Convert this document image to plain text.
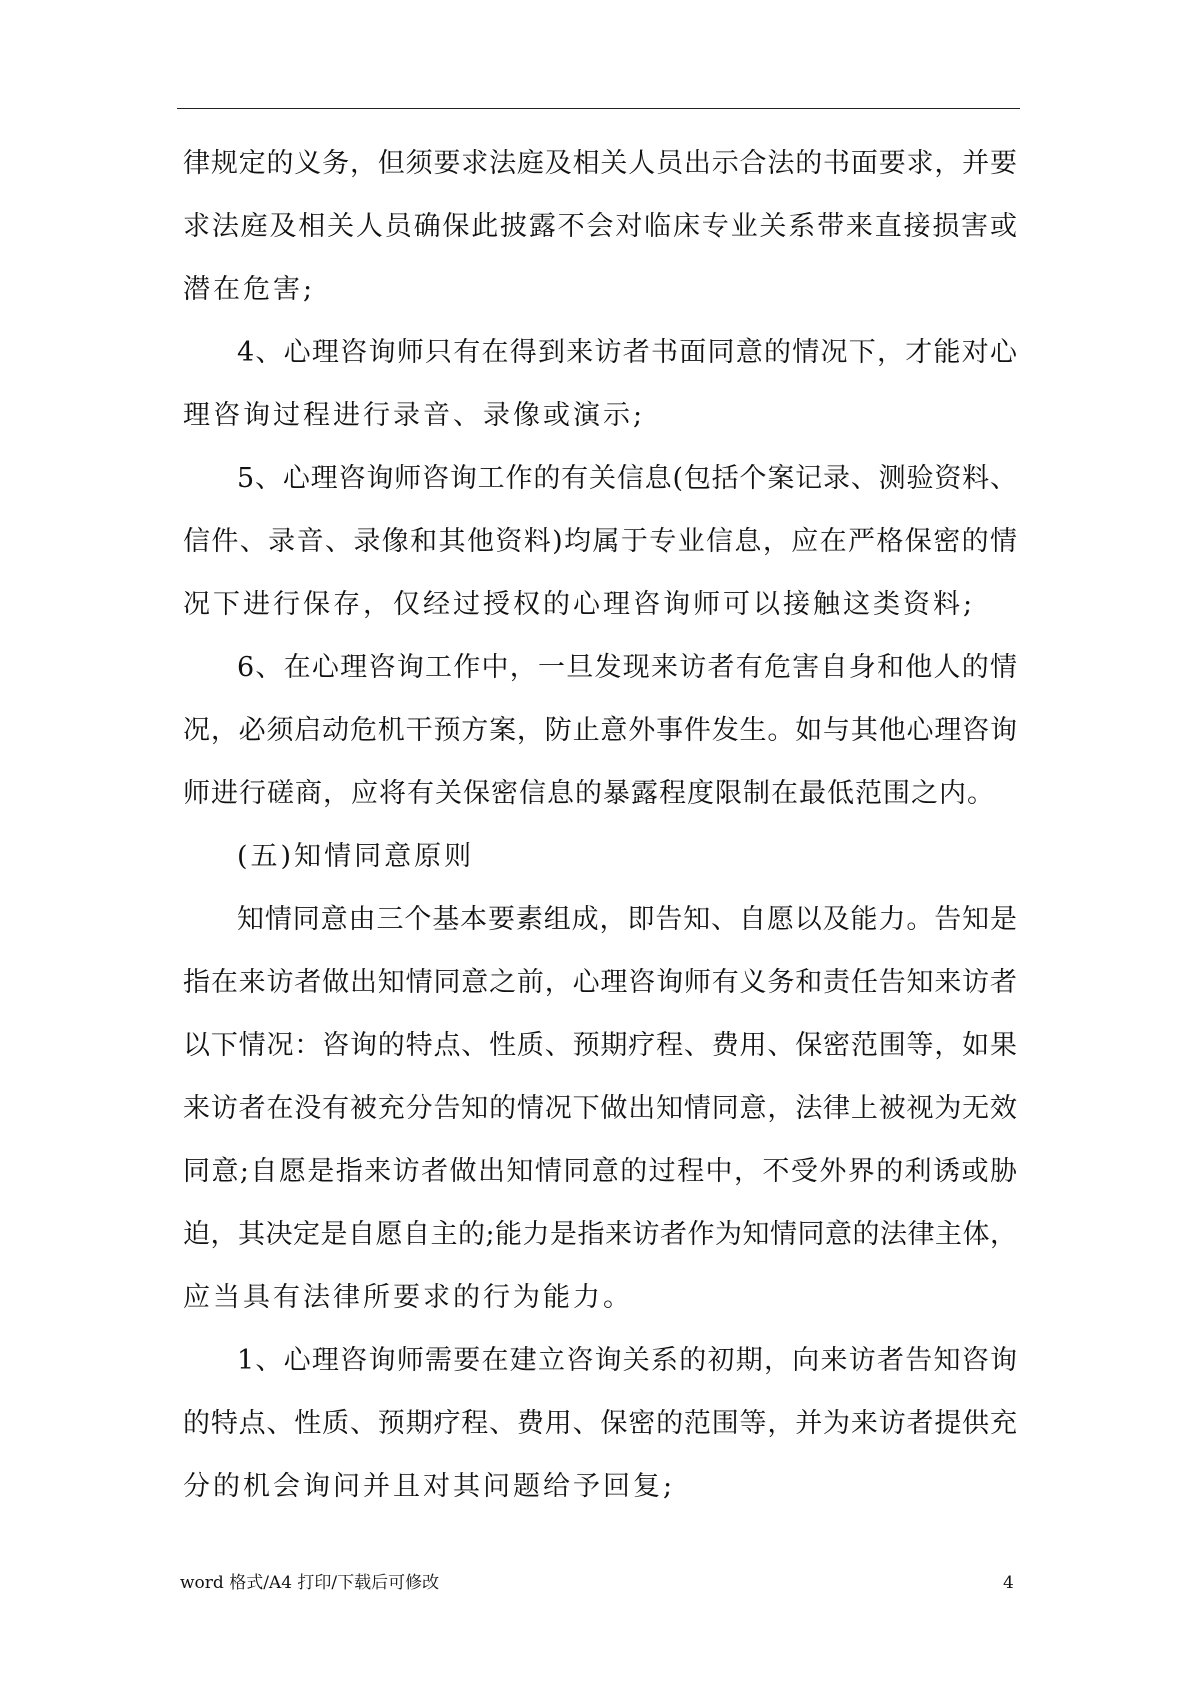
律规定的义务，但须要求法庭及相关人员出示合法的书面要求，并要
求法庭及相关人员确保此披露不会对临床专业关系带来直接损害或
潜在危害;
4、心理咨询师只有在得到来访者书面同意的情况下，才能对心
理咨询过程进行录音、录像或演示;
5、心理咨询师咨询工作的有关信息(包括个案记录、测验资料、
信件、录音、录像和其他资料)均属于专业信息，应在严格保密的情
况下进行保存，仅经过授权的心理咨询师可以接触这类资料;
6、在心理咨询工作中，一旦发现来访者有危害自身和他人的情
况，必须启动危机干预方案，防止意外事件发生。如与其他心理咨询
师进行磋商，应将有关保密信息的暴露程度限制在最低范围之内。
(五)知情同意原则
知情同意由三个基本要素组成，即告知、自愿以及能力。告知是
指在来访者做出知情同意之前，心理咨询师有义务和责任告知来访者
以下情况：咨询的特点、性质、预期疗程、费用、保密范围等，如果
来访者在没有被充分告知的情况下做出知情同意，法律上被视为无效
同意;自愿是指来访者做出知情同意的过程中，不受外界的利诱或胁
迫，其决定是自愿自主的;能力是指来访者作为知情同意的法律主体，
应当具有法律所要求的行为能力。
1、心理咨询师需要在建立咨询关系的初期，向来访者告知咨询
的特点、性质、预期疗程、费用、保密的范围等，并为来访者提供充
分的机会询问并且对其问题给予回复;
word 格式/A4 打印/下载后可修改	4
